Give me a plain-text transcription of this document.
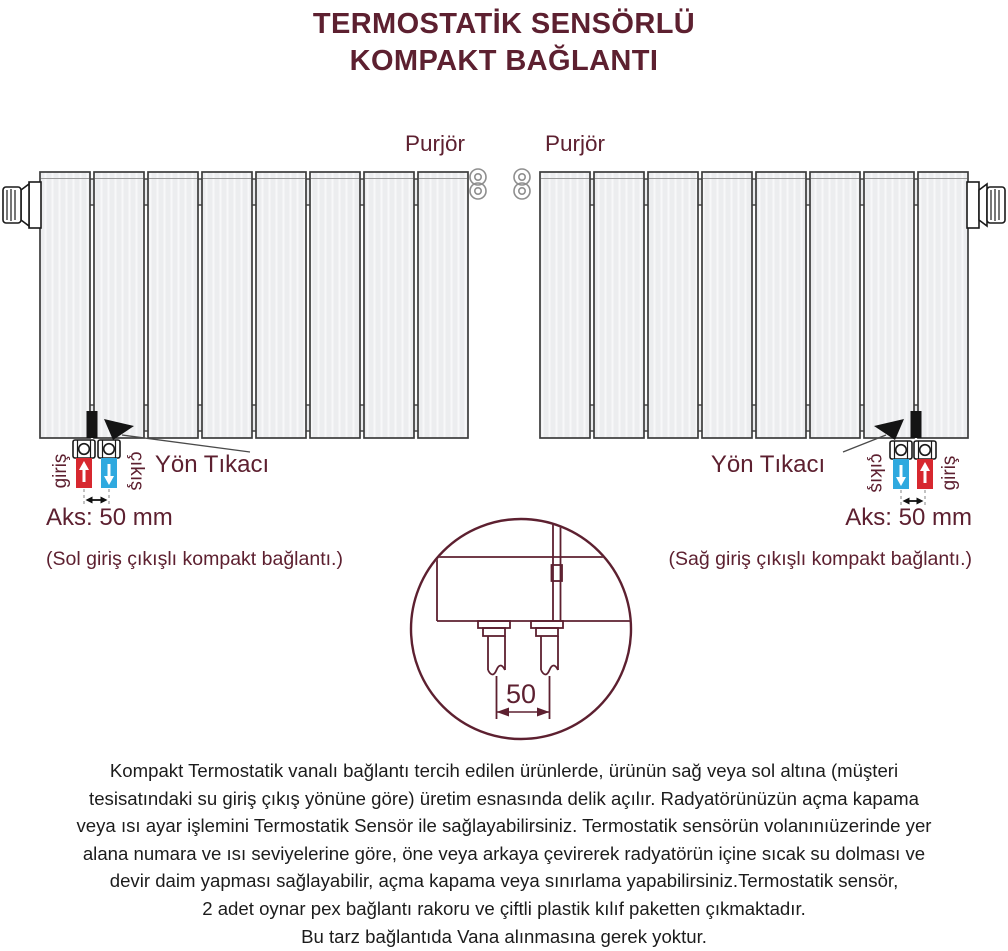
TERMOSTATİK SENSÖRLÜ
KOMPAKT BAĞLANTI
Purjör	Purjör
Yön Tıkacı	Yön Tıkacı
giriş	çıkış	çıkış	giriş
Aks: 50 mm	Aks: 50 mm
(Sol giriş çıkışlı kompakt bağlantı.)	(Sağ giriş çıkışlı kompakt bağlantı.)
50
Kompakt Termostatik vanalı bağlantı tercih edilen ürünlerde, ürünün sağ veya sol altına (müşteri
tesisatındaki su giriş çıkış yönüne göre) üretim esnasında delik açılır. Radyatörünüzün açma kapama
veya ısı ayar işlemini Termostatik Sensör ile sağlayabilirsiniz. Termostatik sensörün volanınıüzerinde yer
alana numara ve ısı seviyelerine göre, öne veya arkaya çevirerek radyatörün içine sıcak su dolması ve
devir daim yapması sağlayabilir, açma kapama veya sınırlama yapabilirsiniz.Termostatik sensör,
2 adet oynar pex bağlantı rakoru ve çiftli plastik kılıf paketten çıkmaktadır.
Bu tarz bağlantıda Vana alınmasına gerek yoktur.
